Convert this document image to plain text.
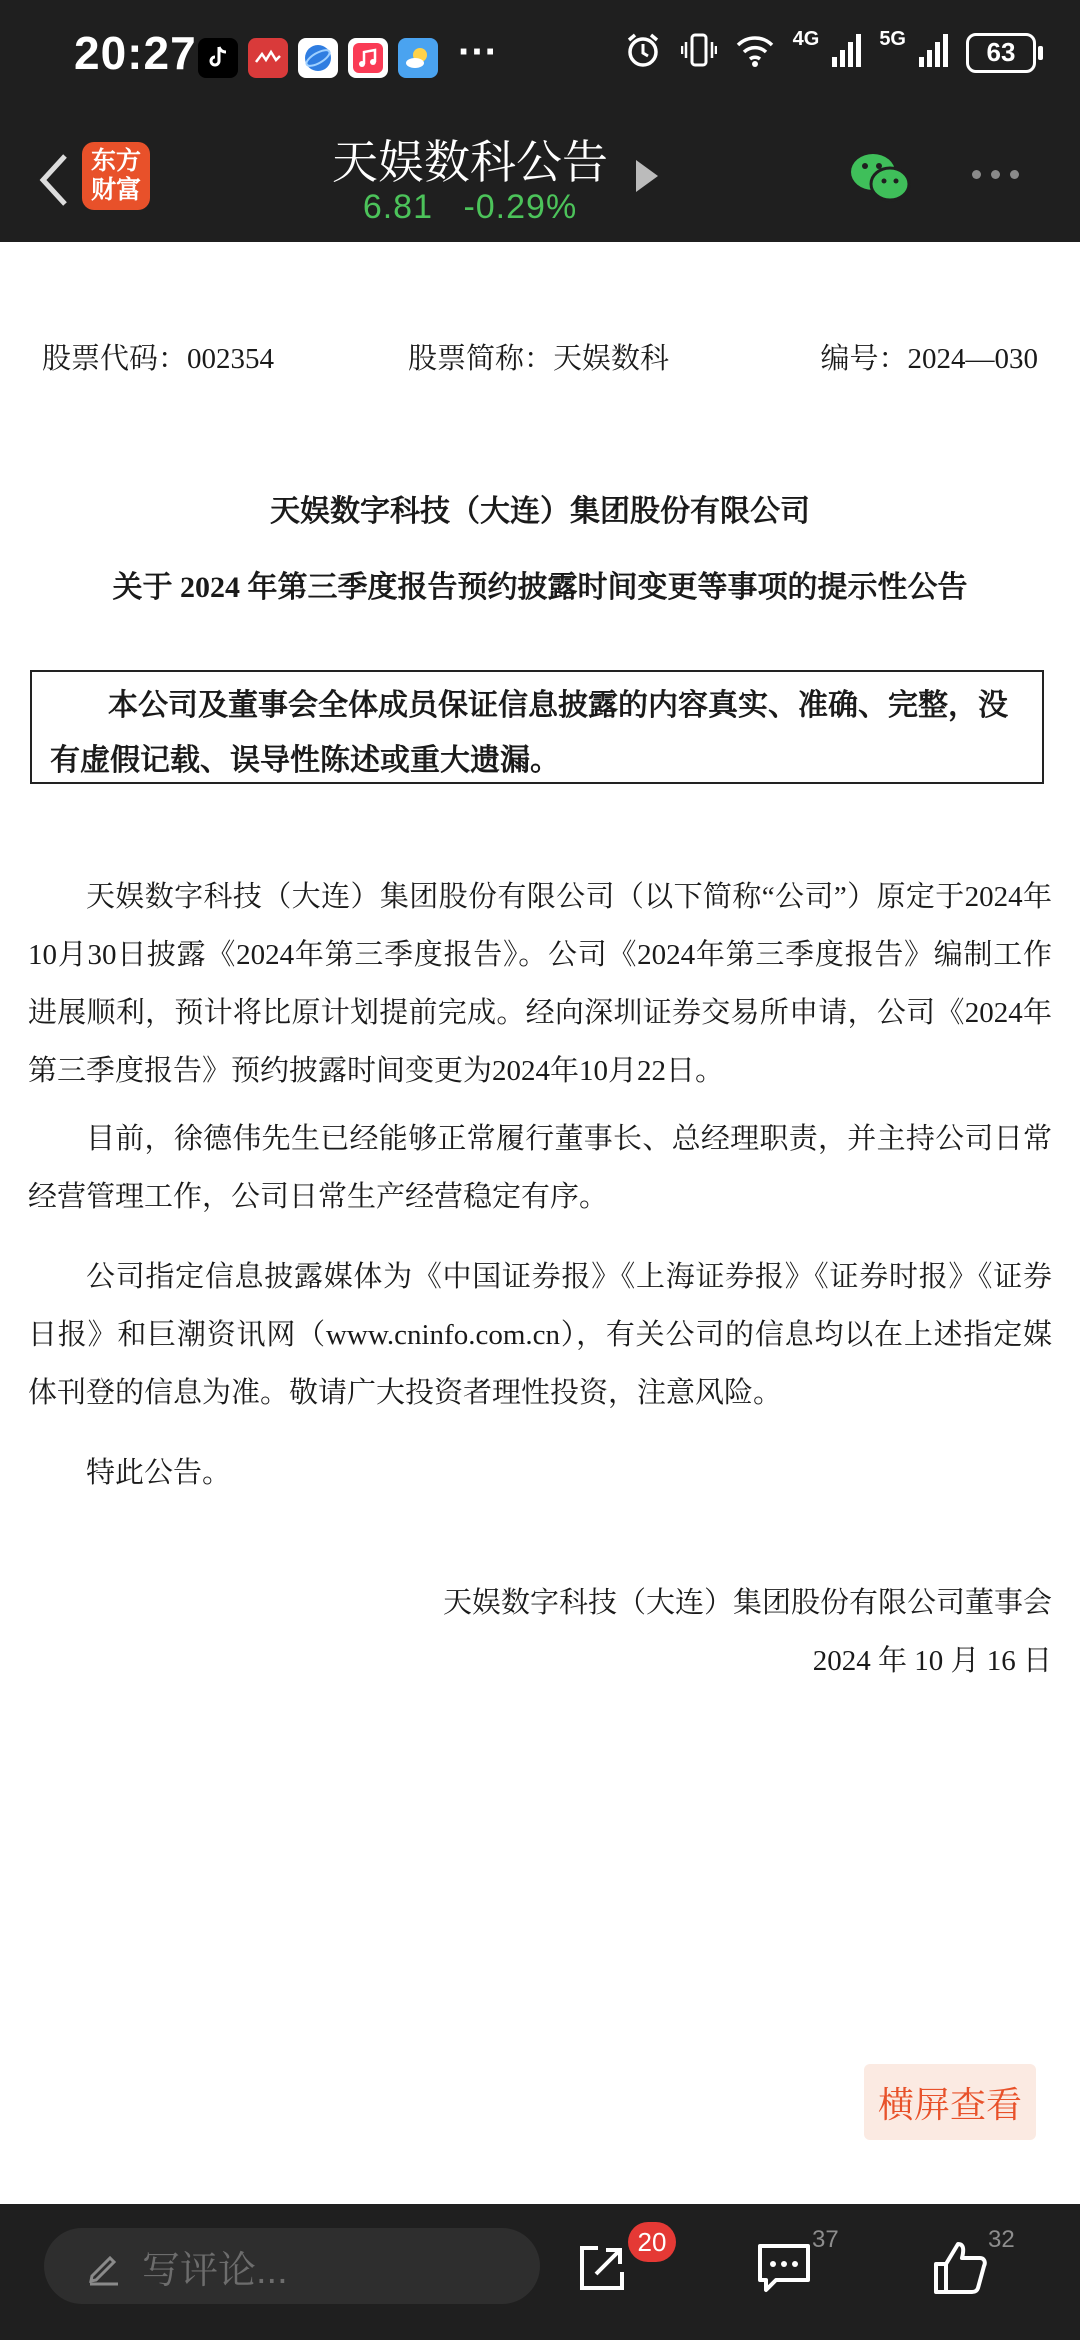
20:27	···	4G	5G	63
东方
财富
天娱数科公告
6.81 -0.29%
股票代码：002354	股票简称：天娱数科	编号：2024—030
天娱数字科技（大连）集团股份有限公司
关于 2024 年第三季度报告预约披露时间变更等事项的提示性公告
本公司及董事会全体成员保证信息披露的内容真实、准确、完整，没有虚假记载、误导性陈述或重大遗漏。
天娱数字科技（大连）集团股份有限公司（以下简称“公司”）原定于2024年10月30日披露《2024年第三季度报告》。公司《2024年第三季度报告》编制工作进展顺利，预计将比原计划提前完成。经向深圳证券交易所申请，公司《2024年第三季度报告》预约披露时间变更为2024年10月22日。
目前，徐德伟先生已经能够正常履行董事长、总经理职责，并主持公司日常经营管理工作，公司日常生产经营稳定有序。
公司指定信息披露媒体为《中国证券报》《上海证券报》《证券时报》《证券日报》和巨潮资讯网（www.cninfo.com.cn），有关公司的信息均以在上述指定媒体刊登的信息为准。敬请广大投资者理性投资，注意风险。
特此公告。
天娱数字科技（大连）集团股份有限公司董事会
2024 年 10 月 16 日
横屏查看
写评论...
20	37	32
